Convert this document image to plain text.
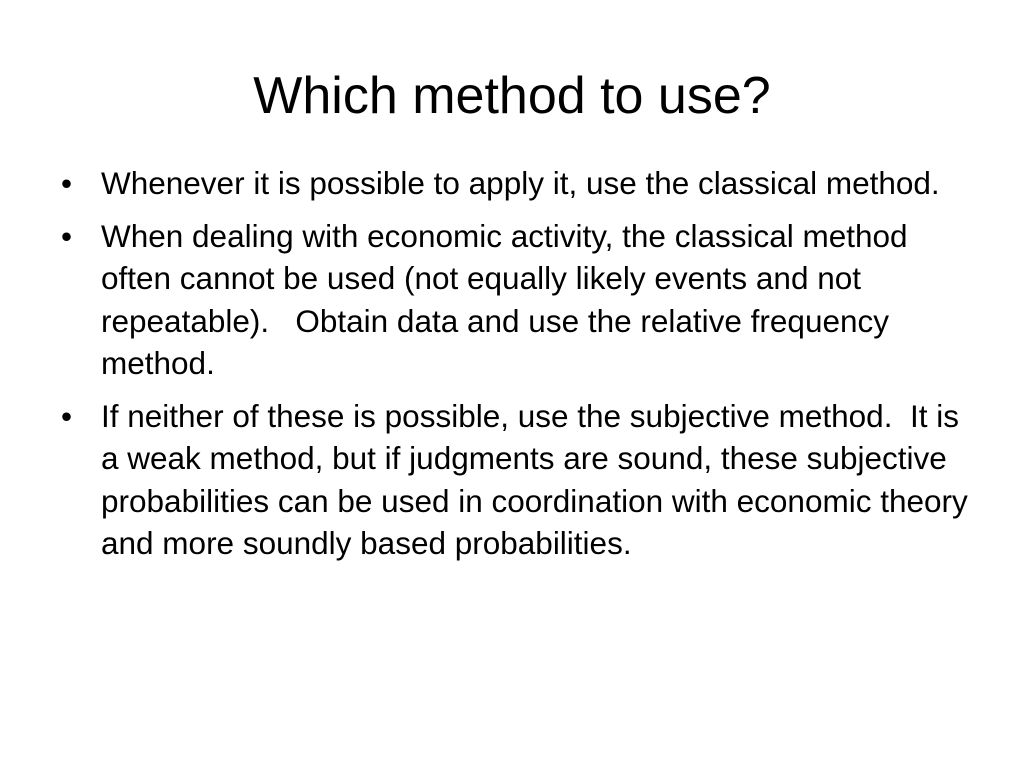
Which method to use?
• Whenever it is possible to apply it, use the classical method.
• When dealing with economic activity, the classical method often cannot be used (not equally likely events and not repeatable).   Obtain data and use the relative frequency method.
• If neither of these is possible, use the subjective method.  It is a weak method, but if judgments are sound, these subjective probabilities can be used in coordination with economic theory and more soundly based probabilities.
